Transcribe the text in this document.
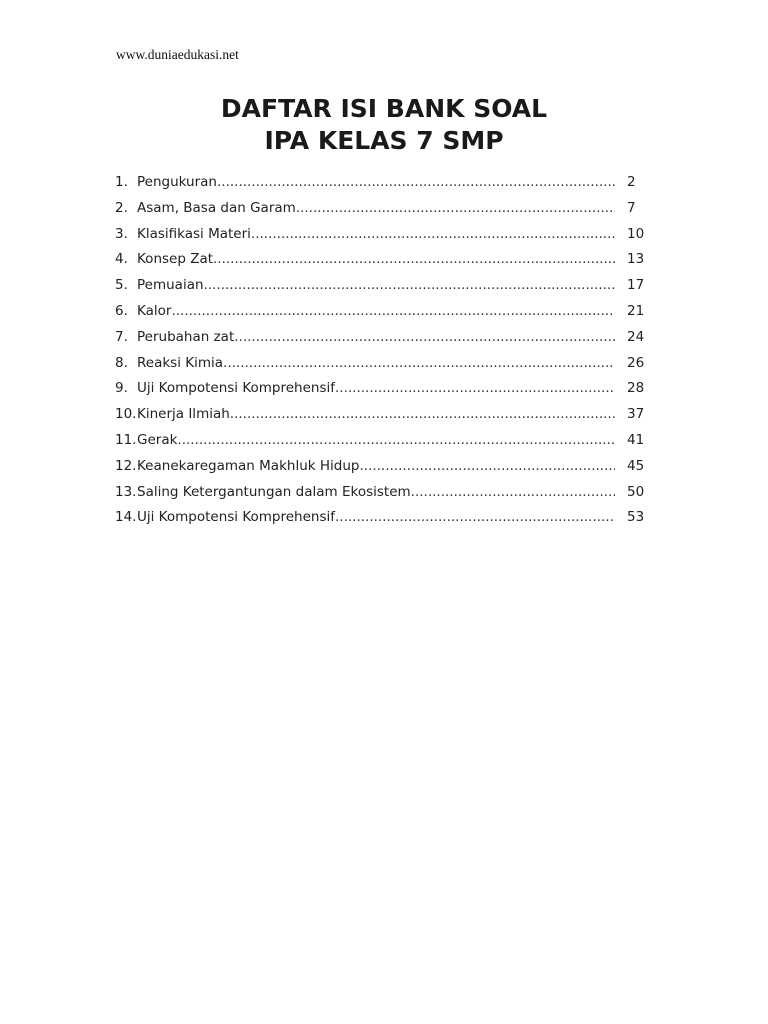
www.duniaedukasi.net
DAFTAR ISI BANK SOAL
IPA KELAS 7 SMP
1. Pengukuran .....	2
2. Asam, Basa dan Garam .....	7
3. Klasifikasi Materi .....	10
4. Konsep Zat .....	13
5. Pemuaian .....	17
6. Kalor .....	21
7. Perubahan zat .....	24
8. Reaksi Kimia .....	26
9. Uji Kompotensi Komprehensif .....	28
10. Kinerja Ilmiah .....	37
11. Gerak .....	41
12. Keanekaregaman Makhluk Hidup .....	45
13. Saling Ketergantungan dalam Ekosistem .....	50
14. Uji Kompotensi Komprehensif .....	53
